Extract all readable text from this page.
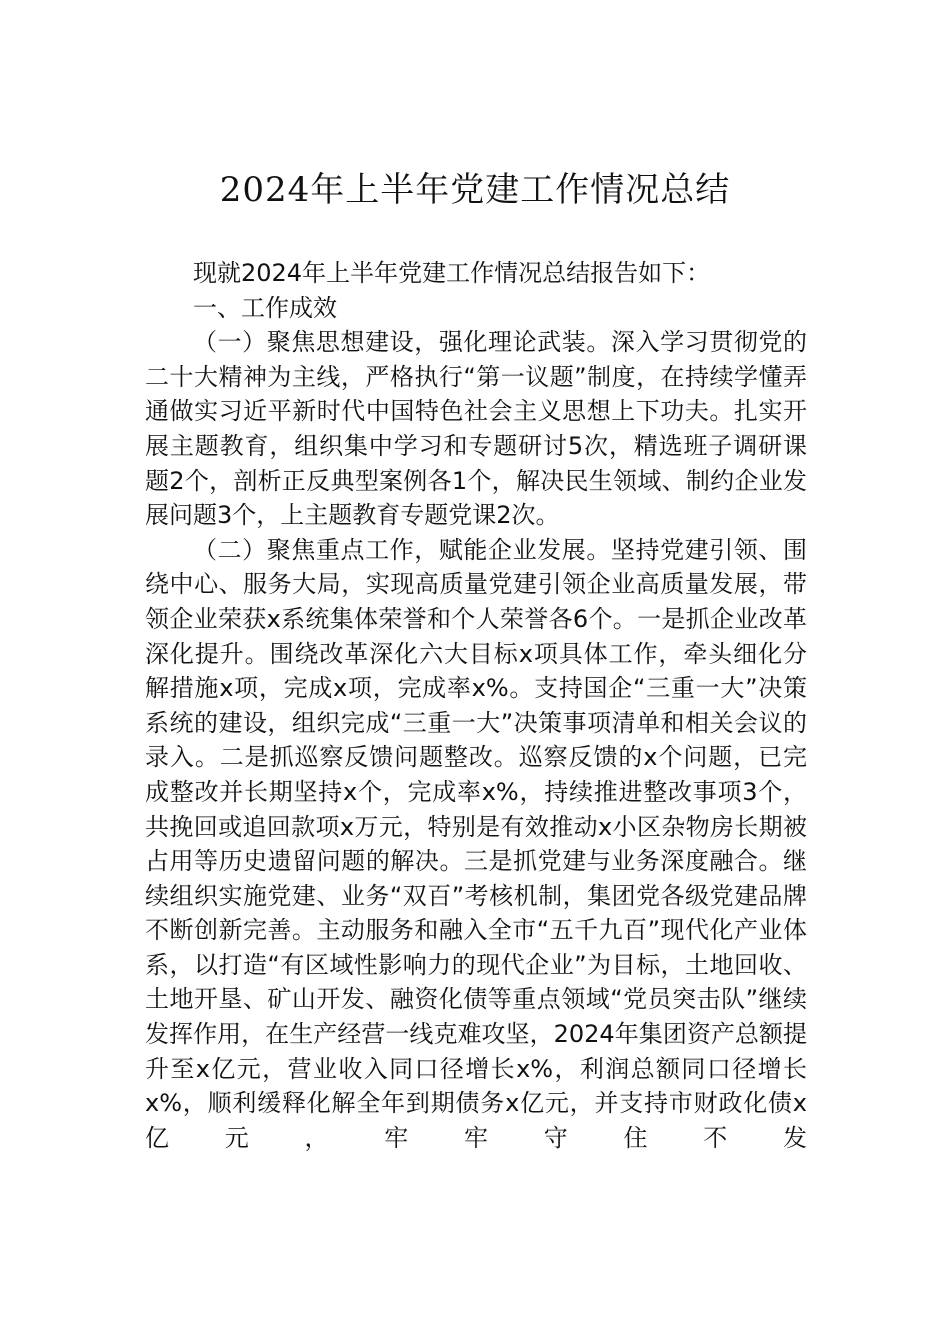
2024年上半年党建工作情况总结

现就2024年上半年党建工作情况总结报告如下：

一、工作成效

（一）聚焦思想建设，强化理论武装。深入学习贯彻党的二十大精神为主线，严格执行“第一议题”制度，在持续学懂弄通做实习近平新时代中国特色社会主义思想上下功夫。扎实开展主题教育，组织集中学习和专题研讨5次，精选班子调研课题2个，剖析正反典型案例各1个，解决民生领域、制约企业发展问题3个，上主题教育专题党课2次。

（二）聚焦重点工作，赋能企业发展。坚持党建引领、围绕中心、服务大局，实现高质量党建引领企业高质量发展，带领企业荣获x系统集体荣誉和个人荣誉各6个。一是抓企业改革深化提升。围绕改革深化六大目标x项具体工作，牵头细化分解措施x项，完成x项，完成率x%。支持国企“三重一大”决策系统的建设，组织完成“三重一大”决策事项清单和相关会议的录入。二是抓巡察反馈问题整改。巡察反馈的x个问题，已完成整改并长期坚持x个，完成率x%，持续推进整改事项3个，共挽回或追回款项x万元，特别是有效推动x小区杂物房长期被占用等历史遗留问题的解决。三是抓党建与业务深度融合。继续组织实施党建、业务“双百”考核机制，集团党各级党建品牌不断创新完善。主动服务和融入全市“五千九百”现代化产业体系，以打造“有区域性影响力的现代企业”为目标，土地回收、土地开垦、矿山开发、融资化债等重点领域“党员突击队”继续发挥作用，在生产经营一线克难攻坚，2024年集团资产总额提升至x亿元，营业收入同口径增长x%，利润总额同口径增长x%，顺利缓释化解全年到期债务x亿元，并支持市财政化债x亿元，牢牢守住不发
